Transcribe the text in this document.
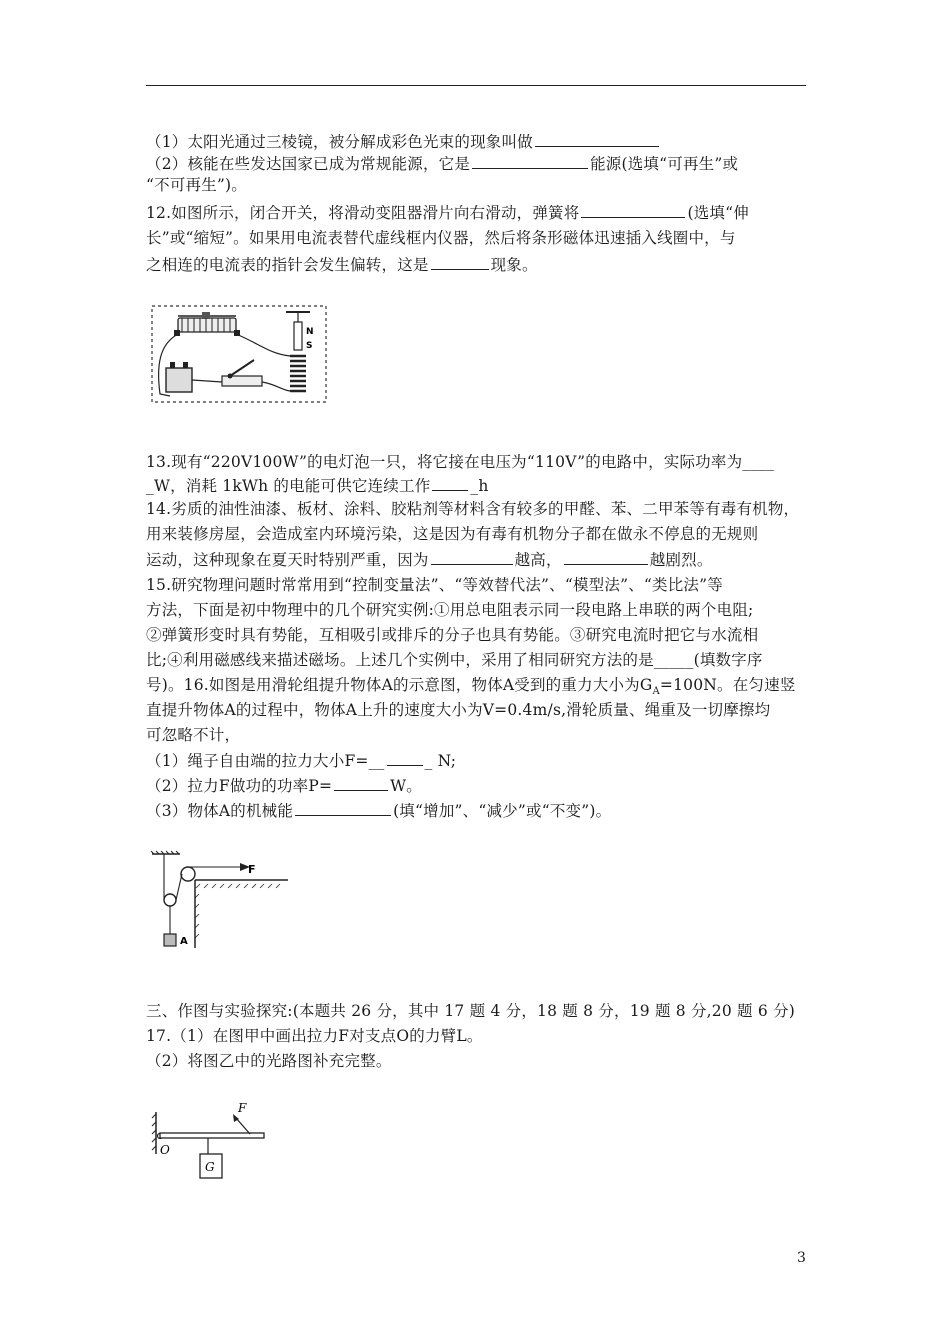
（1）太阳光通过三棱镜，被分解成彩色光束的现象叫做
（2）核能在些发达国家已成为常规能源，它是	能源(选填“可再生”或
“不可再生”)。
12.如图所示，闭合开关，将滑动变阻器滑片向右滑动，弹簧将	(选填“伸
长”或“缩短”。如果用电流表替代虚线框内仪器，然后将条形磁体迅速插入线圈中，与
之相连的电流表的指针会发生偏转，这是	现象。
N
S
13.现有“220V100W”的电灯泡一只，将它接在电压为“110V”的电路中，实际功率为____
_W，消耗 1kWh 的电能可供它连续工作	_h
14.劣质的油性油漆、板材、涂料、胶粘剂等材料含有较多的甲醛、苯、二甲苯等有毒有机物，
用来装修房屋，会造成室内环境污染，这是因为有毒有机物分子都在做永不停息的无规则
运动，这种现象在夏天时特别严重，因为	越高，	越剧烈。
15.研究物理问题时常常用到“控制变量法”、“等效替代法”、“模型法”、“类比法”等
方法，下面是初中物理中的几个研究实例:①用总电阻表示同一段电路上串联的两个电阻;
②弹簧形变时具有势能，互相吸引或排斥的分子也具有势能。③研究电流时把它与水流相
比;④利用磁感线来描述磁场。上述几个实例中，采用了相同研究方法的是_____(填数字序
号)。16.如图是用滑轮组提升物体A的示意图，物体A受到的重力大小为$G_A=100N$。在匀速竖
直提升物体A的过程中，物体A上升的速度大小为V=0.4m/s,滑轮质量、绳重及一切摩擦均
可忽略不计，
（1）绳子自由端的拉力大小F=__	_ N;
（2）拉力F做功的功率P=	W。
（3）物体A的机械能	(填“增加”、“减少”或“不变”)。
F
A
三、作图与实验探究:(本题共 26 分，其中 17 题 4 分，18 题 8 分，19 题 8 分,20 题 6 分)
17.（1）在图甲中画出拉力F对支点O的力臂L。
（2）将图乙中的光路图补充完整。
F
O
G
3
